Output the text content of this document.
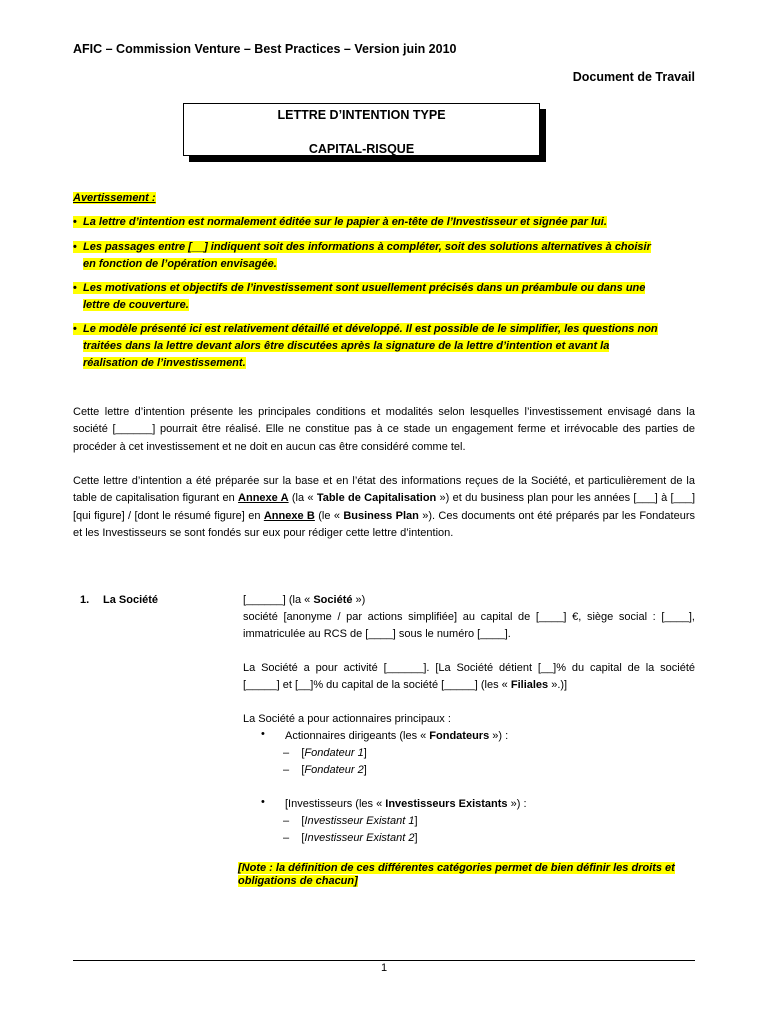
AFIC – Commission Venture – Best Practices – Version juin 2010
Document de Travail
LETTRE D’INTENTION TYPE
CAPITAL-RISQUE
Avertissement :
• La lettre d’intention est normalement éditée sur le papier à en-tête de l’Investisseur et signée par lui.
• Les passages entre [__] indiquent soit des informations à compléter, soit des solutions alternatives à choisir
en fonction de l’opération envisagée.
• Les motivations et objectifs de l’investissement sont usuellement précisés dans un préambule ou dans une
lettre de couverture.
• Le modèle présenté ici est relativement détaillé et développé. Il est possible de le simplifier, les questions non
traitées dans la lettre devant alors être discutées après la signature de la lettre d’intention et avant la
réalisation de l’investissement.
Cette lettre d’intention présente les principales conditions et modalités selon lesquelles l’investissement envisagé dans la société [______] pourrait être réalisé. Elle ne constitue pas à ce stade un engagement ferme et irrévocable des parties de procéder à cet investissement et ne doit en aucun cas être considéré comme tel.
Cette lettre d’intention a été préparée sur la base et en l’état des informations reçues de la Société, et particulièrement de la table de capitalisation figurant en Annexe A (la « Table de Capitalisation ») et du business plan pour les années [___] à [___] [qui figure] / [dont le résumé figure] en Annexe B (le « Business Plan »). Ces documents ont été préparés par les Fondateurs et les Investisseurs se sont fondés sur eux pour rédiger cette lettre d’intention.
1. La Société	[______] (la « Société »)
société [anonyme / par actions simplifiée] au capital de [____] €, siège social : [____], immatriculée au RCS de [____] sous le numéro [____].
La Société a pour activité [______]. [La Société détient [__]% du capital de la société [_____] et [__]% du capital de la société [_____] (les « Filiales ».)]
La Société a pour actionnaires principaux :
• Actionnaires dirigeants (les « Fondateurs ») :
–    [Fondateur 1]
–    [Fondateur 2]
• [Investisseurs (les « Investisseurs Existants ») :
–    [Investisseur Existant 1]
–    [Investisseur Existant 2]
[Note : la définition de ces différentes catégories permet de bien définir les droits et obligations de chacun]
1
